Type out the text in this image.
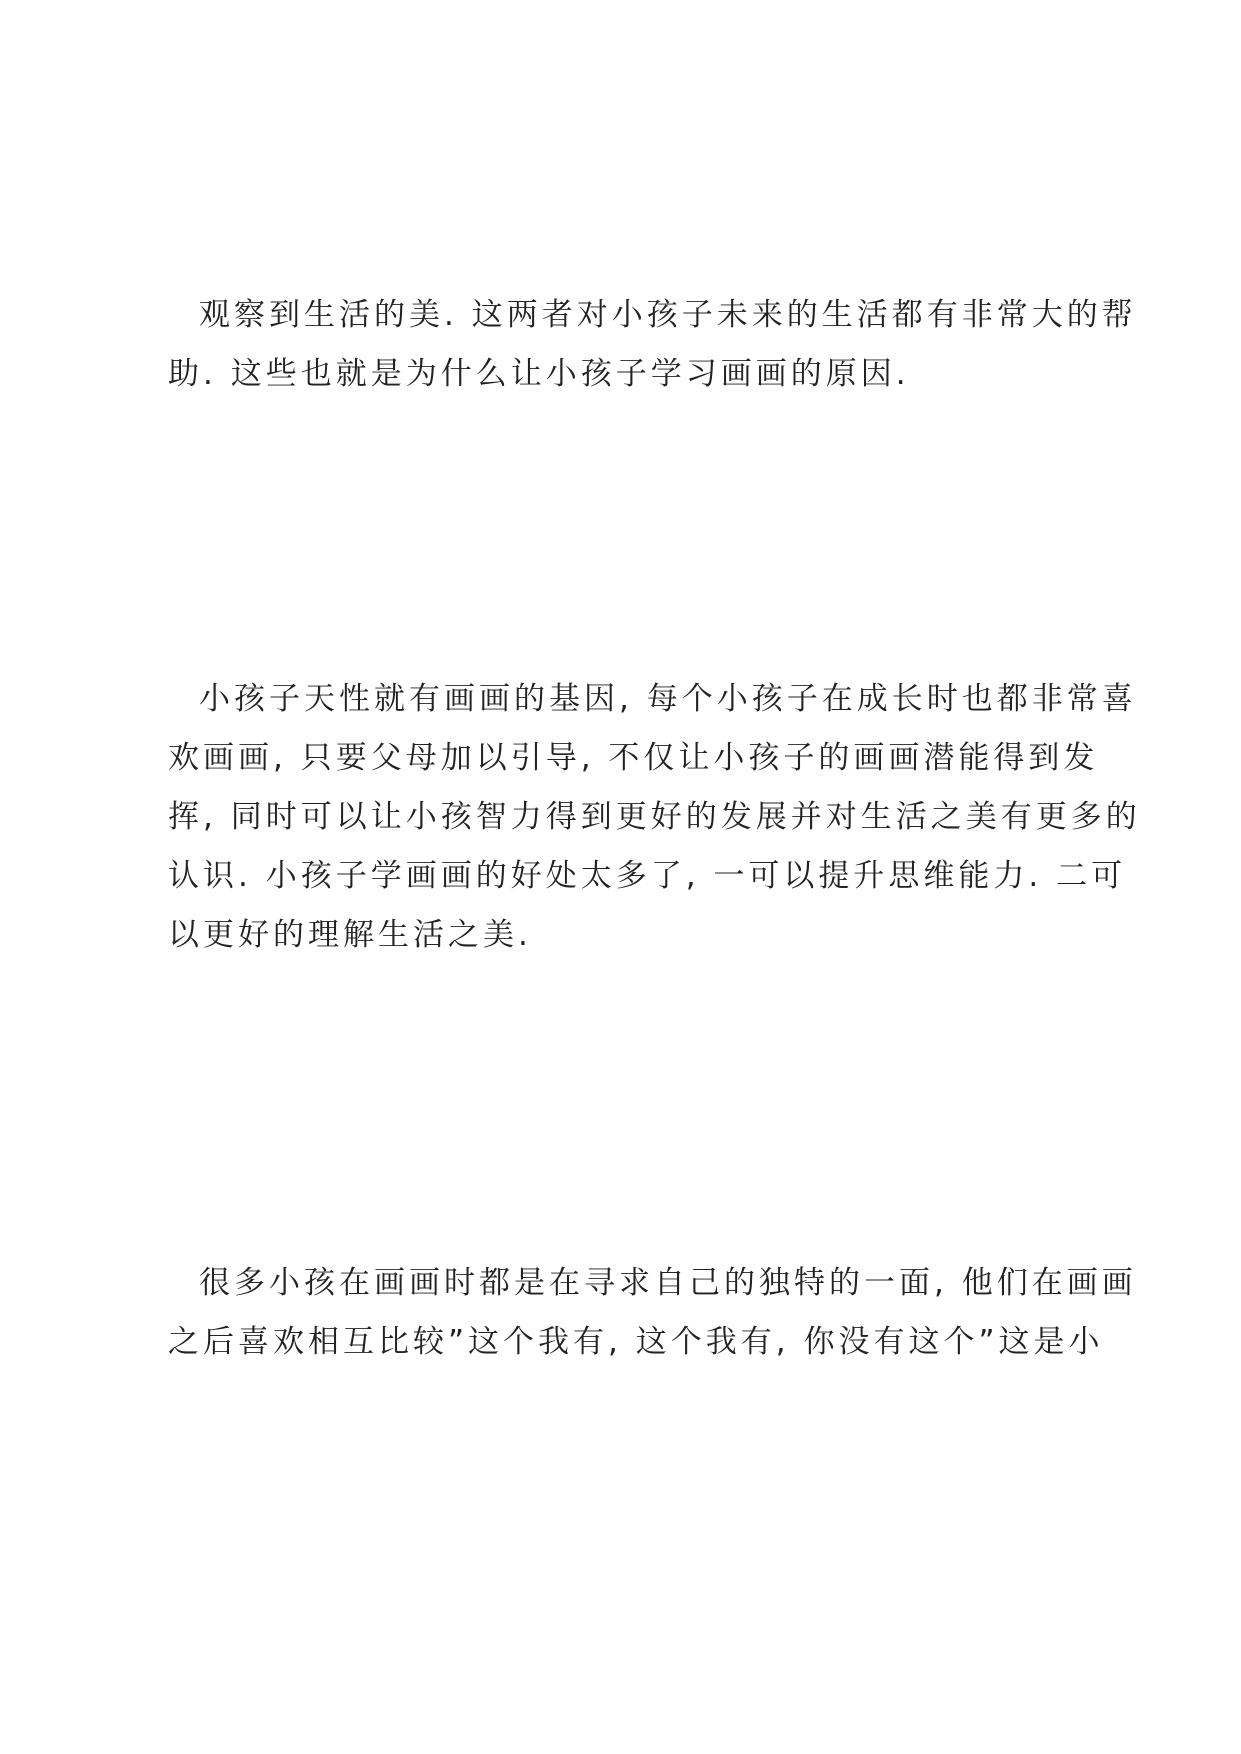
观察到生活的美. 这两者对小孩子未来的生活都有非常大的帮
助. 这些也就是为什么让小孩子学习画画的原因.
小孩子天性就有画画的基因, 每个小孩子在成长时也都非常喜
欢画画, 只要父母加以引导, 不仅让小孩子的画画潜能得到发
挥, 同时可以让小孩智力得到更好的发展并对生活之美有更多的
认识. 小孩子学画画的好处太多了, 一可以提升思维能力. 二可
以更好的理解生活之美.
很多小孩在画画时都是在寻求自己的独特的一面, 他们在画画
之后喜欢相互比较”这个我有, 这个我有, 你没有这个”这是小
